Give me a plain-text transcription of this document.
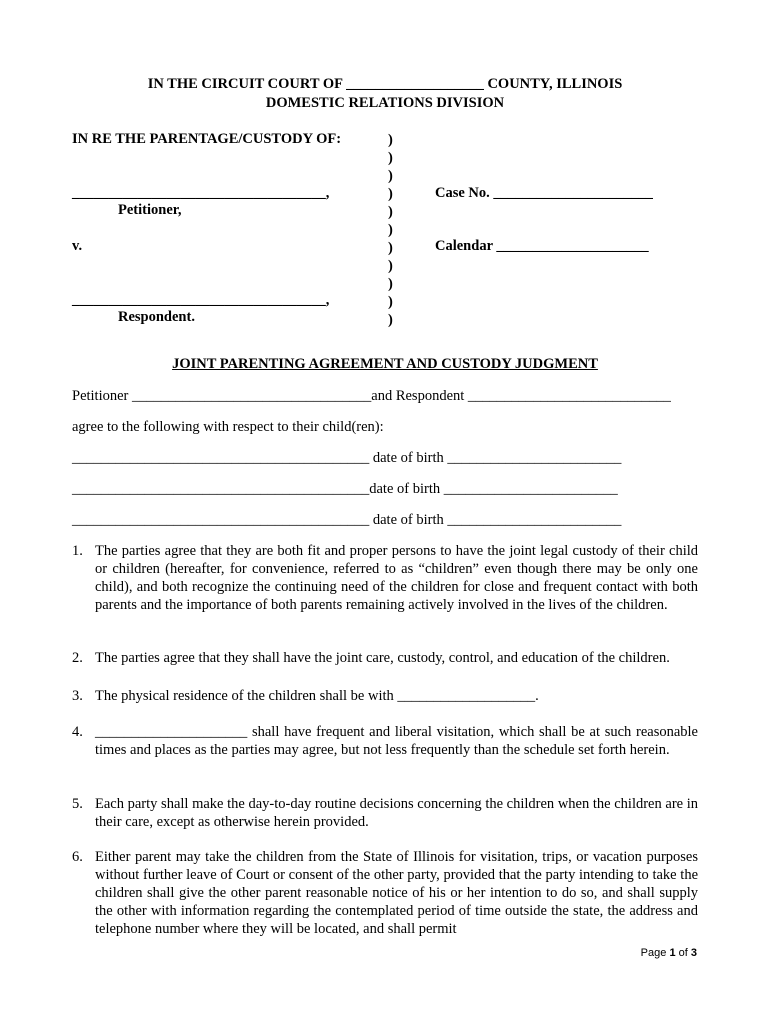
IN THE CIRCUIT COURT OF ___________________ COUNTY, ILLINOIS
DOMESTIC RELATIONS DIVISION
IN RE THE PARENTAGE/CUSTODY OF:
___________________________________,
Petitioner,
v.
___________________________________,
Respondent.
)
)
)
)
)
)
)
)
)
)
)
Case No. ______________________
Calendar _____________________
JOINT PARENTING AGREEMENT AND CUSTODY JUDGMENT
Petitioner _________________________________and Respondent ____________________________
agree to the following with respect to their child(ren):
_________________________________________ date of birth ________________________
_________________________________________date of birth ________________________
_________________________________________ date of birth ________________________
1. The parties agree that they are both fit and proper persons to have the joint legal custody of their child or children (hereafter, for convenience, referred to as “children” even though there may be only one child), and both recognize the continuing need of the children for close and frequent contact with both parents and the importance of both parents remaining actively involved in the lives of the children.
2. The parties agree that they shall have the joint care, custody, control, and education of the children.
3. The physical residence of the children shall be with ___________________.
4. _____________________ shall have frequent and liberal visitation, which shall be at such reasonable times and places as the parties may agree, but not less frequently than the schedule set forth herein.
5. Each party shall make the day-to-day routine decisions concerning the children when the children are in their care, except as otherwise herein provided.
6. Either parent may take the children from the State of Illinois for visitation, trips, or vacation purposes without further leave of Court or consent of the other party, provided that the party intending to take the children shall give the other parent reasonable notice of his or her intention to do so, and shall supply the other with information regarding the contemplated period of time outside the state, the address and telephone number where they will be located, and shall permit
Page 1 of 3
